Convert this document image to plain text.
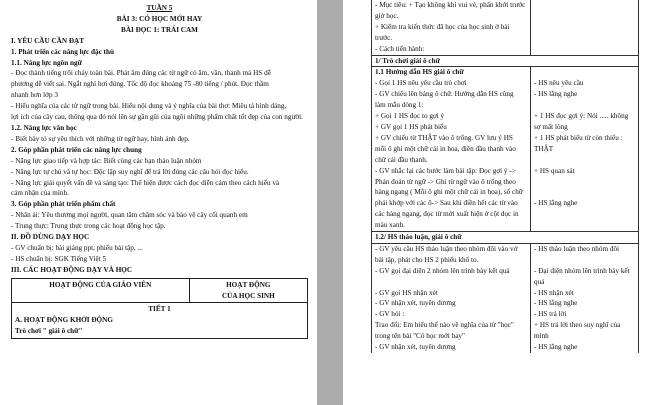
TUẦN 5
BÀI 3: CÓ HỌC MỚI HAY
BÀI ĐỌC 1: TRÁI CAM
I. YÊU CẦU CẦN ĐẠT
1. Phát triển các năng lực đặc thù
1.1. Năng lực ngôn ngữ
- Đọc thành tiếng trôi chảy toàn bài. Phát âm đúng các từ ngữ có âm, vần, thanh mà HS dễ
phương dễ viết sai. Ngắt nghỉ hơi đúng. Tốc độ đọc khoảng 75 -80 tiếng / phút. Đọc thầm
nhanh hơn lớp 3
- Hiểu nghĩa của các từ ngữ trong bài. Hiểu nội dung và ý nghĩa của bài thơ: Miêu tả hình dáng,
lợi ích của cây cau, thông qua đó nói lên sự gần gũi của ngôi những phẩm chất tốt đẹp của con người.
1.2. Năng lực văn học
- Biết bày tỏ sự yêu thích với những từ ngữ hay, hình ảnh đẹp.
2. Góp phần phát triển các năng lực chung
- Năng lực giao tiếp và hợp tác: Biết cùng các bạn thảo luận nhóm
- Năng lực tự chủ và tự học: Độc lập suy nghĩ để trả lời đúng các câu hỏi đọc hiểu.
- Năng lực giải quyết vấn đề và sáng tạo: Thể hiện được cách đọc diễn cảm theo cách hiểu và
cảm nhận của mình.
3. Góp phần phát triển phẩm chất
- Nhân ái: Yêu thương mọi người, quan tâm chăm sóc và bảo vệ cây cối quanh em
- Trung thực: Trung thực trong các hoạt động học tập.
II. ĐỒ DÙNG DẠY HỌC
- GV chuẩn bị: bài giảng ppt, phiếu bài tập, ...
- HS chuẩn bị: SGK Tiếng Việt 5
III. CÁC HOẠT ĐỘNG DẠY VÀ HỌC
HOẠT ĐỘNG CỦA GIÁO VIÊN	HOẠT ĐỘNG
CỦA HỌC SINH

TIẾT 1
A. HOẠT ĐỘNG KHỞI ĐỘNG
Trò chơi " giải ô chữ"
- Mục tiêu: + Tạo không khí vui vẻ, phấn khởi trước giờ học.
+ Kiểm tra kiến thức đã học của học sinh ở bài trước.
- Cách tiến hành:
1/ Trò chơi giải ô chữ
1.1 Hướng dẫn HS giải ô chữ
- Gọi 1 HS nêu yêu cầu trò chơi	- HS nêu yêu cầu
- GV chiếu lên bảng ô chữ. Hướng dẫn HS cùng	- HS lắng nghe
làm mẫu dòng 1:
+ Gọi 1 HS đọc to gợi ý	+ 1 HS đọc gợi ý: Nói ..... không
+ GV gọi 1 HS phát biểu	sợ mất lòng
+ GV chiếu từ THẬT vào ô trống. GV lưu ý HS	+ 1 HS phát biểu từ còn thiếu :
mỗi ô ghi một chữ cái in hoa, điền đầu thanh vào	THẬT
chữ cái đầu thanh.
- GV nhắc lại các bước làm bài tập: Đọc gợi ý ->	+ HS quan sát
Phán đoán từ ngữ -> Ghi từ ngữ vào ô trống theo
hàng ngang ( Mỗi ô ghi một chữ cái in hoa), số chữ
phải khớp với các ô-> Sau khi điền hết các từ vào	- HS lắng nghe
các hàng ngang, đọc từ mới xuất hiện ở cột dọc in
màu xanh.
1.2/ HS thảo luận, giải ô chữ
- GV yêu cầu HS thảo luận theo nhóm đôi vào vở	- HS thảo luận theo nhóm đôi
bài tập, phát cho HS 2 phiếu khổ to.
- GV gọi đại diện 2 nhóm lên trình bày kết quả	- Đại diện nhóm lên trình bày kết
quả
- GV gọi HS nhận xét	- HS nhận xét
- GV nhận xét, tuyên dương	- HS lắng nghe
- GV hỏi :	- HS trả lời
Trao đổi: Em hiểu thế nào về nghĩa của từ "học"	+ HS trả lời theo suy nghĩ của
trong tên bài "Có học mới hay"	mình
- GV nhận xét, tuyên dương	- HS lắng nghe
